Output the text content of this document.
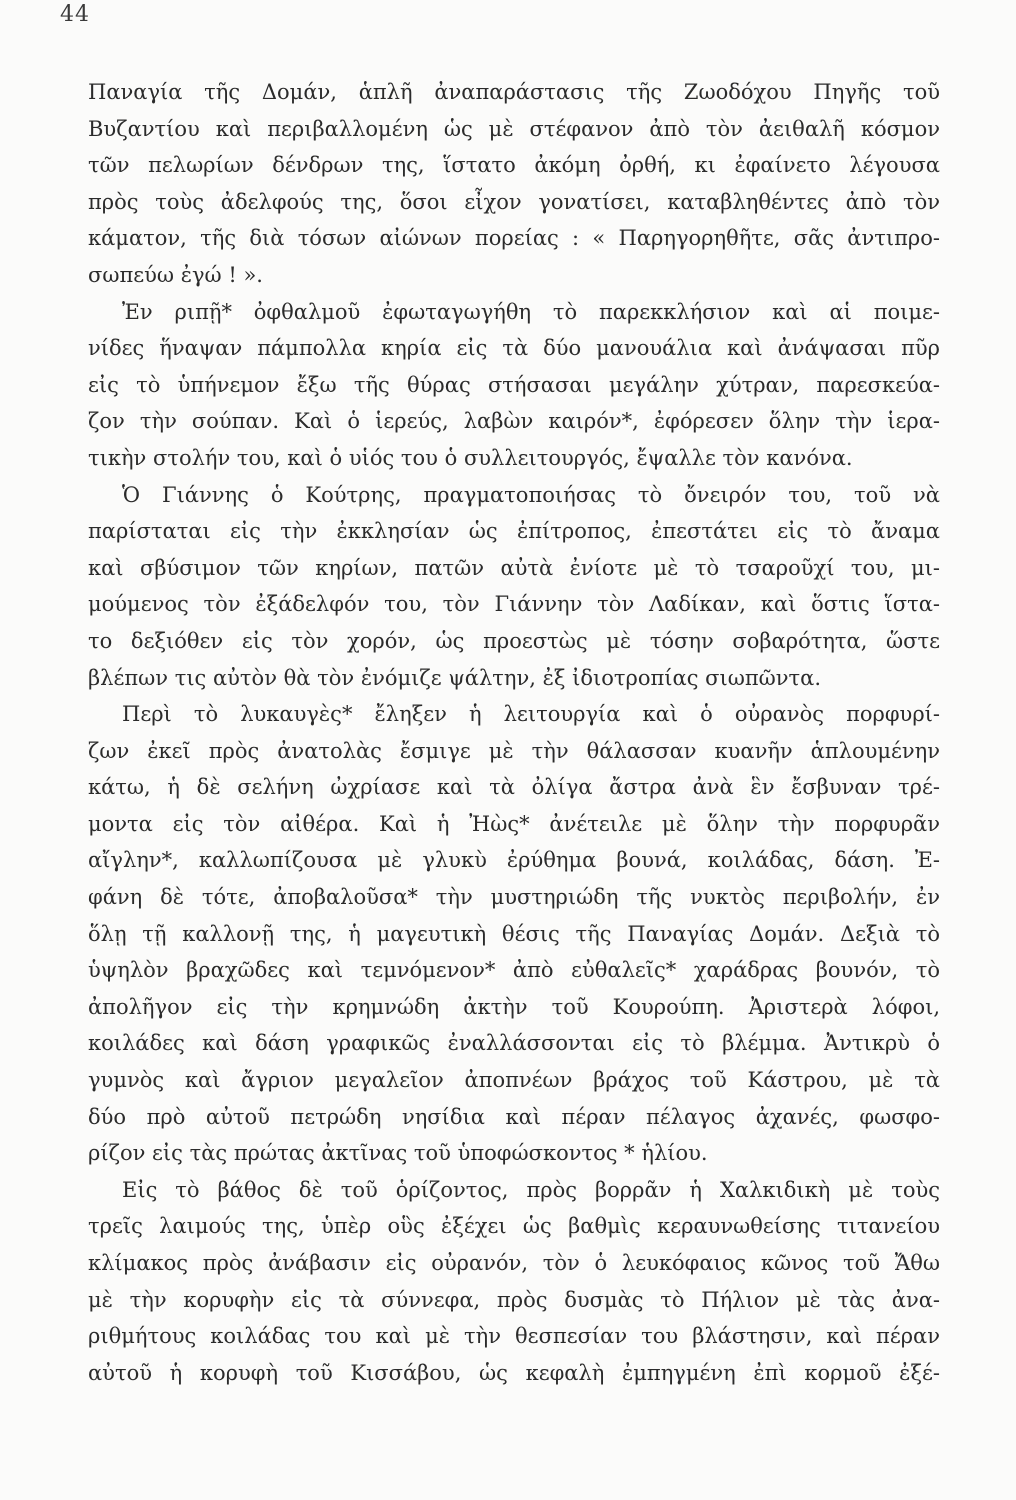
44
Παναγία τῆς Δομάν, ἁπλῆ ἀναπαράστασις τῆς Ζωοδόχου Πηγῆς τοῦ
Βυζαντίου καὶ περιβαλλομένη ὡς μὲ στέφανον ἀπὸ τὸν ἀειθαλῆ κόσμον
τῶν πελωρίων δένδρων της, ἵστατο ἀκόμη ὀρθή, κι ἐφαίνετο λέγουσα
πρὸς τοὺς ἀδελφούς της, ὅσοι εἶχον γονατίσει, καταβληθέντες ἀπὸ τὸν
κάματον, τῆς διὰ τόσων αἰώνων πορείας : « Παρηγορηθῆτε, σᾶς ἀντιπρο-
σωπεύω ἐγώ ! ».
Ἐν ριπῇ* ὀφθαλμοῦ ἐφωταγωγήθη τὸ παρεκκλήσιον καὶ αἱ ποιμε-
νίδες ἥναψαν πάμπολλα κηρία εἰς τὰ δύο μανουάλια καὶ ἀνάψασαι πῦρ
εἰς τὸ ὑπήνεμον ἔξω τῆς θύρας στήσασαι μεγάλην χύτραν, παρεσκεύα-
ζον τὴν σούπαν. Καὶ ὁ ἱερεύς, λαβὼν καιρόν*, ἐφόρεσεν ὅλην τὴν ἱερα-
τικὴν στολήν του, καὶ ὁ υἱός του ὁ συλλειτουργός, ἔψαλλε τὸν κανόνα.
Ὁ Γιάννης ὁ Κούτρης, πραγματοποιήσας τὸ ὄνειρόν του, τοῦ νὰ
παρίσταται εἰς τὴν ἐκκλησίαν ὡς ἐπίτροπος, ἐπεστάτει εἰς τὸ ἄναμα
καὶ σβύσιμον τῶν κηρίων, πατῶν αὐτὰ ἐνίοτε μὲ τὸ τσαροῦχί του, μι-
μούμενος τὸν ἐξάδελφόν του, τὸν Γιάννην τὸν Λαδίκαν, καὶ ὅστις ἵστα-
το δεξιόθεν εἰς τὸν χορόν, ὡς προεστὼς μὲ τόσην σοβαρότητα, ὥστε
βλέπων τις αὐτὸν θὰ τὸν ἐνόμιζε ψάλτην, ἐξ ἰδιοτροπίας σιωπῶντα.
Περὶ τὸ λυκαυγὲς* ἔληξεν ἡ λειτουργία καὶ ὁ οὐρανὸς πορφυρί-
ζων ἐκεῖ πρὸς ἀνατολὰς ἔσμιγε μὲ τὴν θάλασσαν κυανῆν ἁπλουμένην
κάτω, ἡ δὲ σελήνη ὠχρίασε καὶ τὰ ὀλίγα ἄστρα ἀνὰ ἓν ἔσβυναν τρέ-
μοντα εἰς τὸν αἰθέρα. Καὶ ἡ Ἠὼς* ἀνέτειλε μὲ ὅλην τὴν πορφυρᾶν
αἴγλην*, καλλωπίζουσα μὲ γλυκὺ ἐρύθημα βουνά, κοιλάδας, δάση. Ἐ-
φάνη δὲ τότε, ἀποβαλοῦσα* τὴν μυστηριώδη τῆς νυκτὸς περιβολήν, ἐν
ὅλῃ τῇ καλλονῇ της, ἡ μαγευτικὴ θέσις τῆς Παναγίας Δομάν. Δεξιὰ τὸ
ὑψηλὸν βραχῶδες καὶ τεμνόμενον* ἀπὸ εὐθαλεῖς* χαράδρας βουνόν, τὸ
ἀπολῆγον εἰς τὴν κρημνώδη ἀκτὴν τοῦ Κουρούπη. Ἀριστερὰ λόφοι,
κοιλάδες καὶ δάση γραφικῶς ἐναλλάσσονται εἰς τὸ βλέμμα. Ἀντικρὺ ὁ
γυμνὸς καὶ ἄγριον μεγαλεῖον ἀποπνέων βράχος τοῦ Κάστρου, μὲ τὰ
δύο πρὸ αὐτοῦ πετρώδη νησίδια καὶ πέραν πέλαγος ἀχανές, φωσφο-
ρίζον εἰς τὰς πρώτας ἀκτῖνας τοῦ ὑποφώσκοντος * ἡλίου.
Εἰς τὸ βάθος δὲ τοῦ ὁρίζοντος, πρὸς βορρᾶν ἡ Χαλκιδικὴ μὲ τοὺς
τρεῖς λαιμούς της, ὑπὲρ οὓς ἐξέχει ὡς βαθμὶς κεραυνωθείσης τιτανείου
κλίμακος πρὸς ἀνάβασιν εἰς οὐρανόν, τὸν ὁ λευκόφαιος κῶνος τοῦ Ἄθω
μὲ τὴν κορυφὴν εἰς τὰ σύννεφα, πρὸς δυσμὰς τὸ Πήλιον μὲ τὰς ἀνα-
ριθμήτους κοιλάδας του καὶ μὲ τὴν θεσπεσίαν του βλάστησιν, καὶ πέραν
αὐτοῦ ἡ κορυφὴ τοῦ Κισσάβου, ὡς κεφαλὴ ἐμπηγμένη ἐπὶ κορμοῦ ἐξέ-
